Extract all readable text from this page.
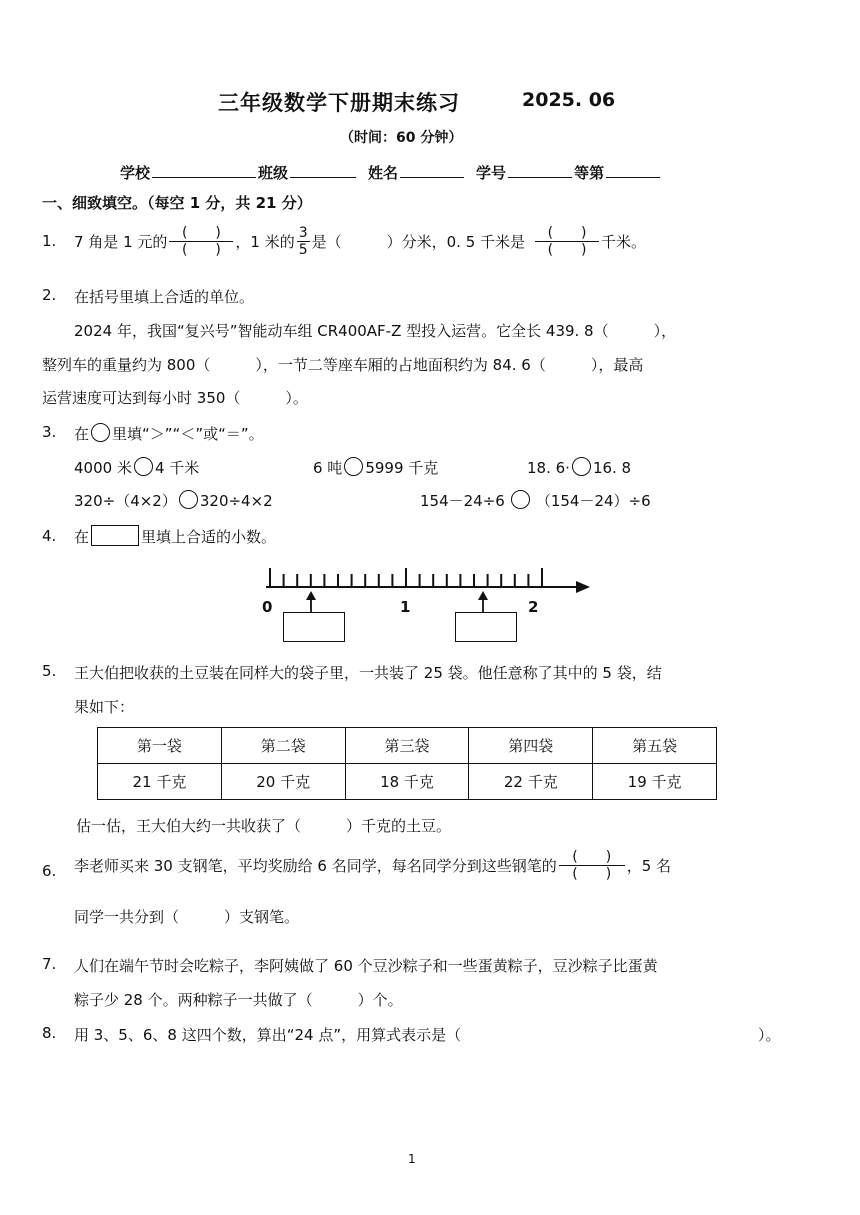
三年级数学下册期末练习	2025. 06
（时间：60 分钟）
学校	班级	姓名	学号	等第
一、细致填空。（每空 1 分，共 21 分）
1. 7 角是 1 元的 $\frac{( )}{( )}$ ，1 米的 $\frac{3}{5}$ 是（　　　）分米，0. 5 千米是 $\frac{( )}{( )}$ 千米。
2. 在括号里填上合适的单位。
2024 年，我国“复兴号”智能动车组 CR400AF-Z 型投入运营。它全长 439. 8（　　　），
整列车的重量约为 800（　　　），一节二等座车厢的占地面积约为 84. 6（　　　），最高
运营速度可达到每小时 350（　　　）。
3. 在 里填“＞”“＜”或“＝”。
4000 米 4 千米	6 吨 5999 千克	18. 6· 16. 8
320÷（4×2） 320÷4×2	154－24÷6 （154－24）÷6
4. 在	里填上合适的小数。
0	1	2
5. 王大伯把收获的土豆装在同样大的袋子里，一共装了 25 袋。他任意称了其中的 5 袋，结
果如下：
第一袋	第二袋	第三袋	第四袋	第五袋
21 千克	20 千克	18 千克	22 千克	19 千克
估一估，王大伯大约一共收获了（　　　）千克的土豆。
6. 李老师买来 30 支钢笔，平均奖励给 6 名同学，每名同学分到这些钢笔的 $\frac{( )}{( )}$ ，5 名
同学一共分到（　　　）支钢笔。
7. 人们在端午节时会吃粽子，李阿姨做了 60 个豆沙粽子和一些蛋黄粽子，豆沙粽子比蛋黄
粽子少 28 个。两种粽子一共做了（　　　）个。
8. 用 3、5、6、8 这四个数，算出“24 点”，用算式表示是（	）。
1
